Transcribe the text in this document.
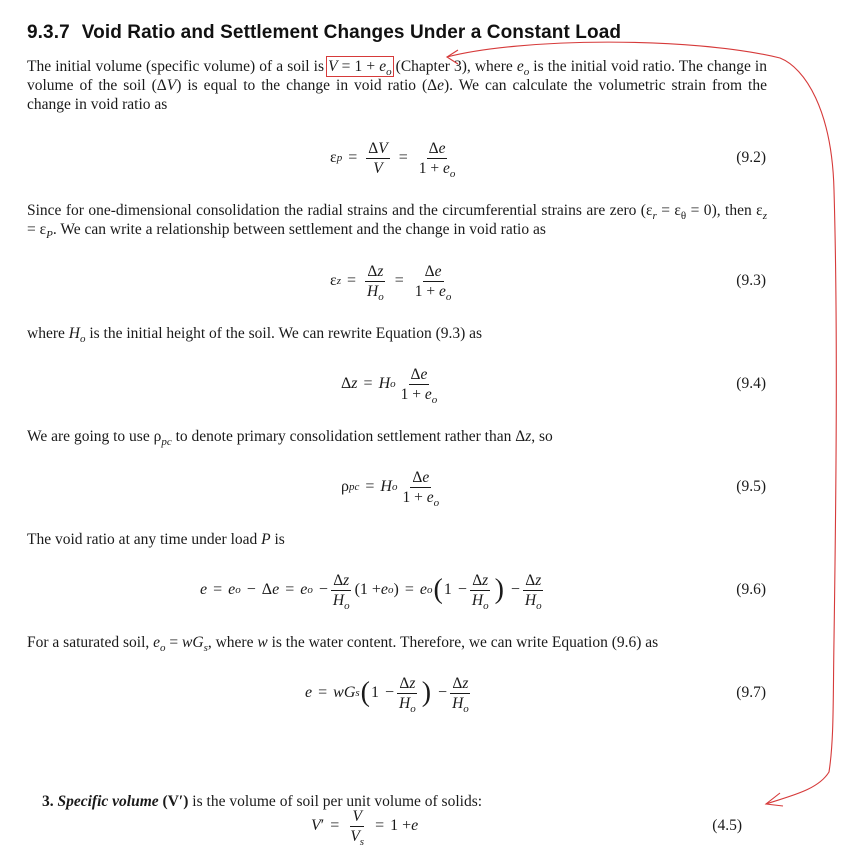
9.3.7 Void Ratio and Settlement Changes Under a Constant Load

The initial volume (specific volume) of a soil is $V = 1 + e_o$ (Chapter 3), where $e_o$ is the initial void ratio. The change in volume of the soil (ΔV) is equal to the change in void ratio (Δe). We can calculate the volumetric strain from the change in void ratio as

ε $p = \frac{\Delta V}{V} = \frac{\Delta e}{1 + e_o}$	(9.2)

Since for one-dimensional consolidation the radial strains and the circumferential strains are zero $(\varepsilon_r = \varepsilon_\theta = 0)$, then $\varepsilon_z = \varepsilon_P$. We can write a relationship between settlement and the change in void ratio as

ε $z = \frac{\Delta z}{H_o} = \frac{\Delta e}{1 + e_o}$	(9.3)

where $H_o$ is the initial height of the soil. We can rewrite Equation (9.3) as

Δ z = H o $\frac{\Delta e}{1 + e_o}$	(9.4)

We are going to use $\rho_{pc}$ to denote primary consolidation settlement rather than Δz, so

ρ pc = H o $\frac{\Delta e}{1 + e_o}$	(9.5)

The void ratio at any time under load P is

e = e o − Δ e = e $o - \frac{\Delta z}{H_o} (1 + e$ o ) = e o ( $1 - \frac{\Delta z}{H_o}$ ) − $\frac{\Delta z}{H_o}$	(9.6)

For a saturated soil, $e_o = wG_s$, where w is the water content. Therefore, we can write Equation (9.6) as

e = wG s ( $1 - \frac{\Delta z}{H_o}$ ) − $\frac{\Delta z}{H_o}$	(9.7)

3. Specific volume (V′) is the volume of soil per unit volume of solids:

V ′ = $\frac{V}{V_s} = 1 + e$	(4.5)
